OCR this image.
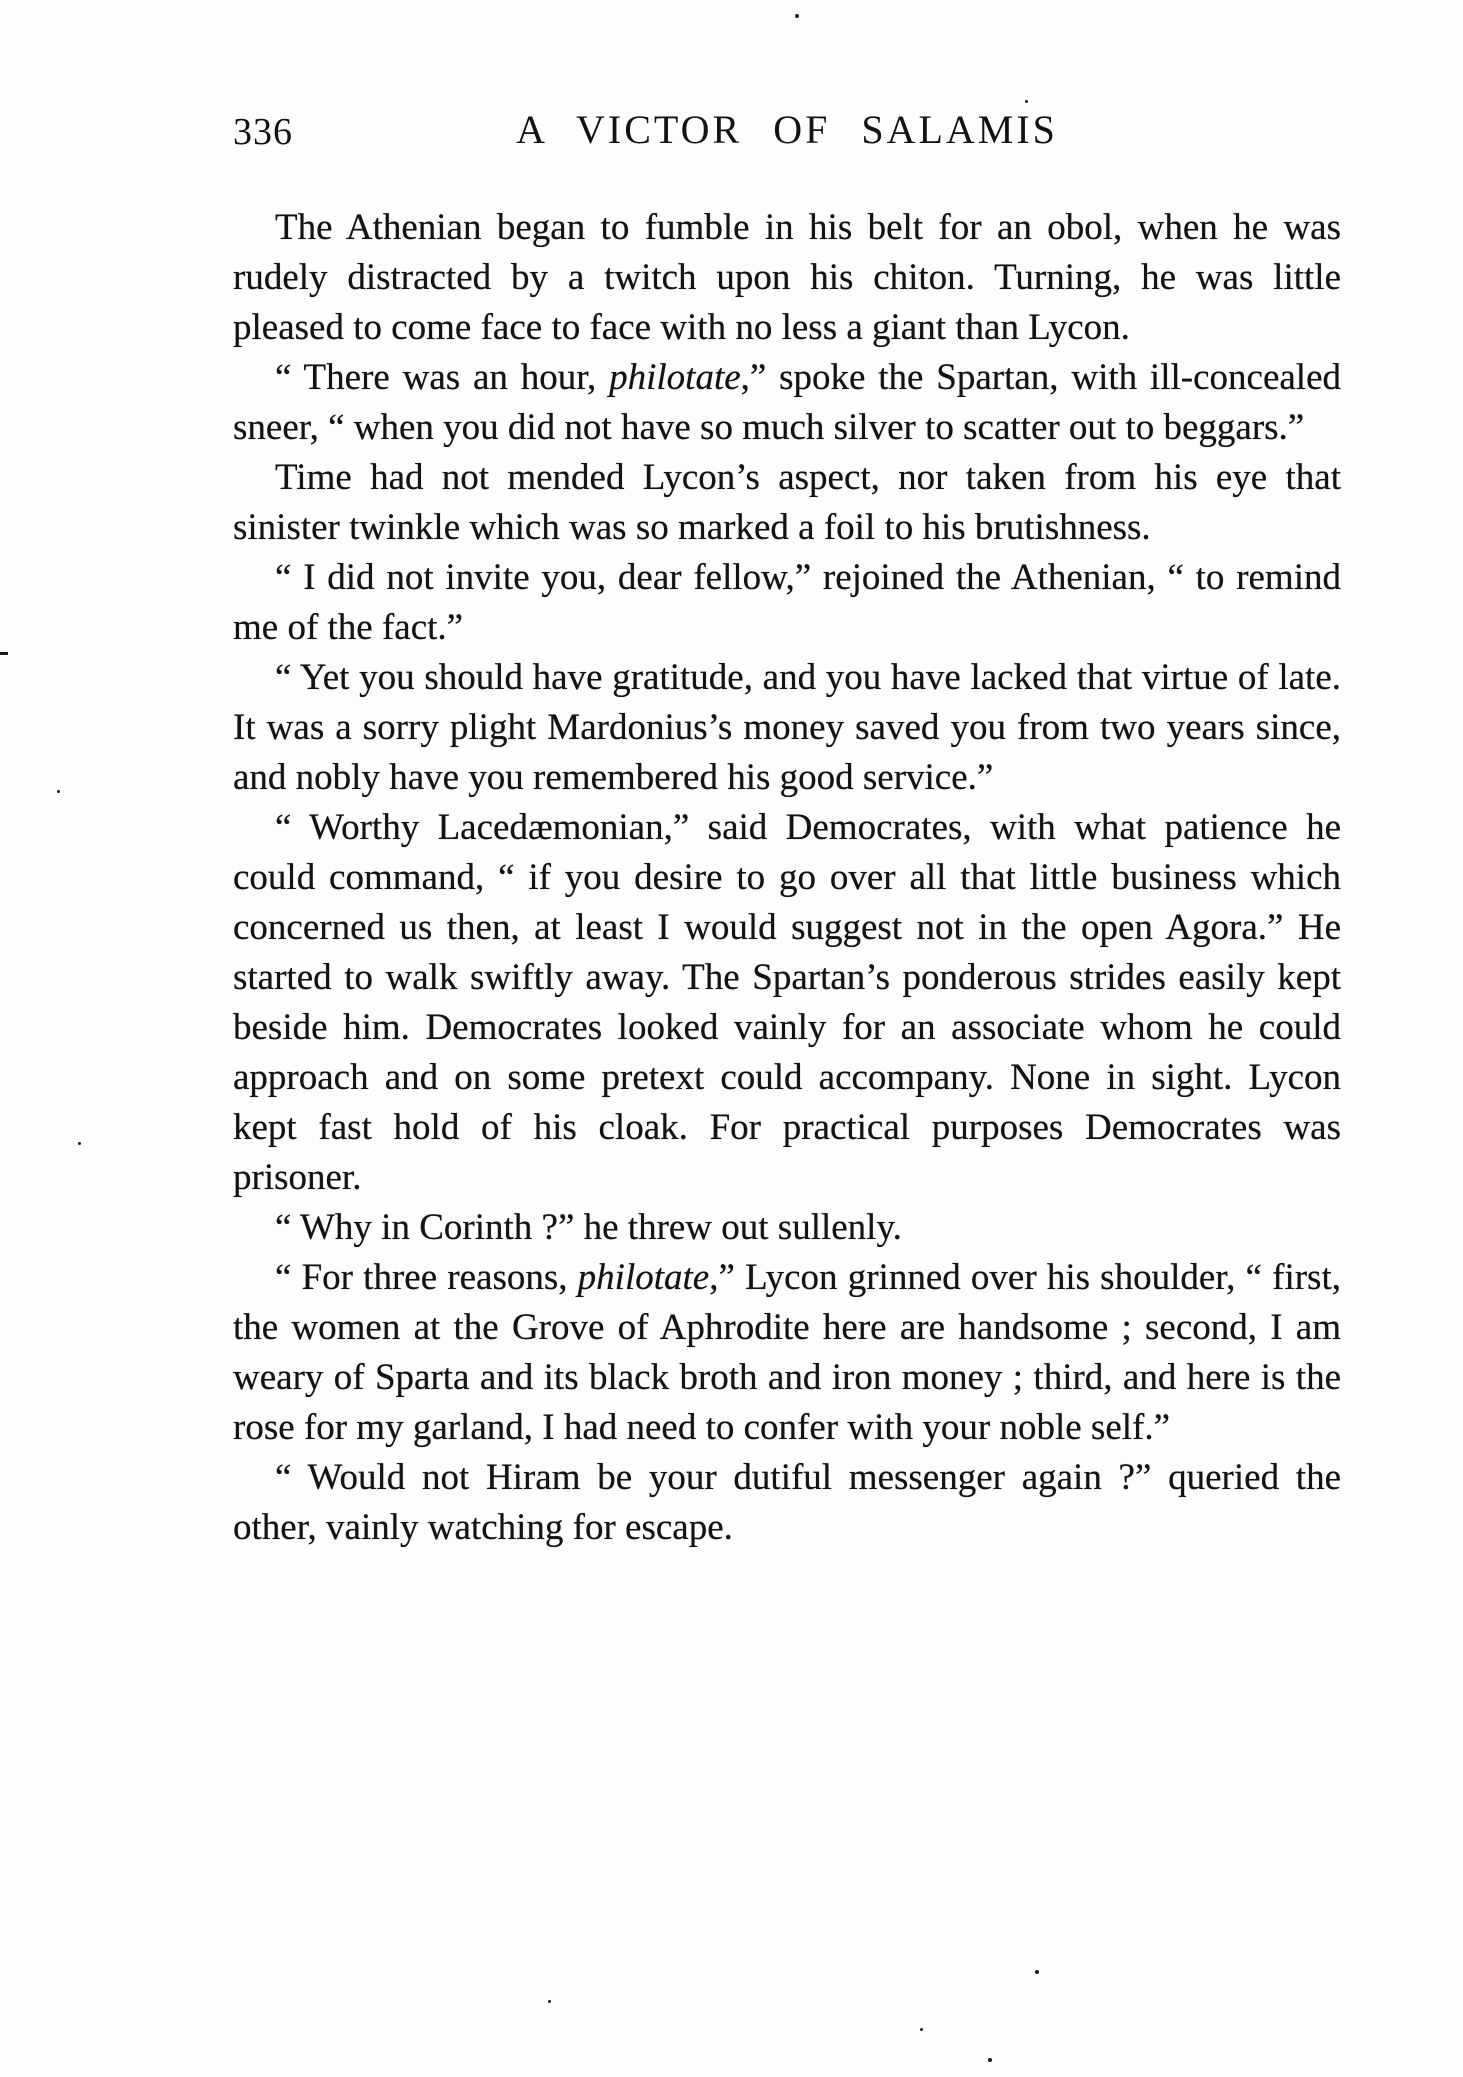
336	A VICTOR OF SALAMIS

The Athenian began to fumble in his belt for an obol, when he was rudely distracted by a twitch upon his chiton. Turning, he was little pleased to come face to face with no less a giant than Lycon.

“ There was an hour, philotate,” spoke the Spartan, with ill-concealed sneer, “ when you did not have so much silver to scatter out to beggars.”

Time had not mended Lycon’s aspect, nor taken from his eye that sinister twinkle which was so marked a foil to his brutishness.

“ I did not invite you, dear fellow,” rejoined the Athenian, “ to remind me of the fact.”

“ Yet you should have gratitude, and you have lacked that virtue of late. It was a sorry plight Mardonius’s money saved you from two years since, and nobly have you remembered his good service.”

“ Worthy Lacedæmonian,” said Democrates, with what patience he could command, “ if you desire to go over all that little business which concerned us then, at least I would suggest not in the open Agora.” He started to walk swiftly away. The Spartan’s ponderous strides easily kept beside him. Democrates looked vainly for an associate whom he could approach and on some pretext could accompany. None in sight. Lycon kept fast hold of his cloak. For practical purposes Democrates was prisoner.

“ Why in Corinth ?” he threw out sullenly.

“ For three reasons, philotate,” Lycon grinned over his shoulder, “ first, the women at the Grove of Aphrodite here are handsome ; second, I am weary of Sparta and its black broth and iron money ; third, and here is the rose for my garland, I had need to confer with your noble self.”

“ Would not Hiram be your dutiful messenger again ?” queried the other, vainly watching for escape.
